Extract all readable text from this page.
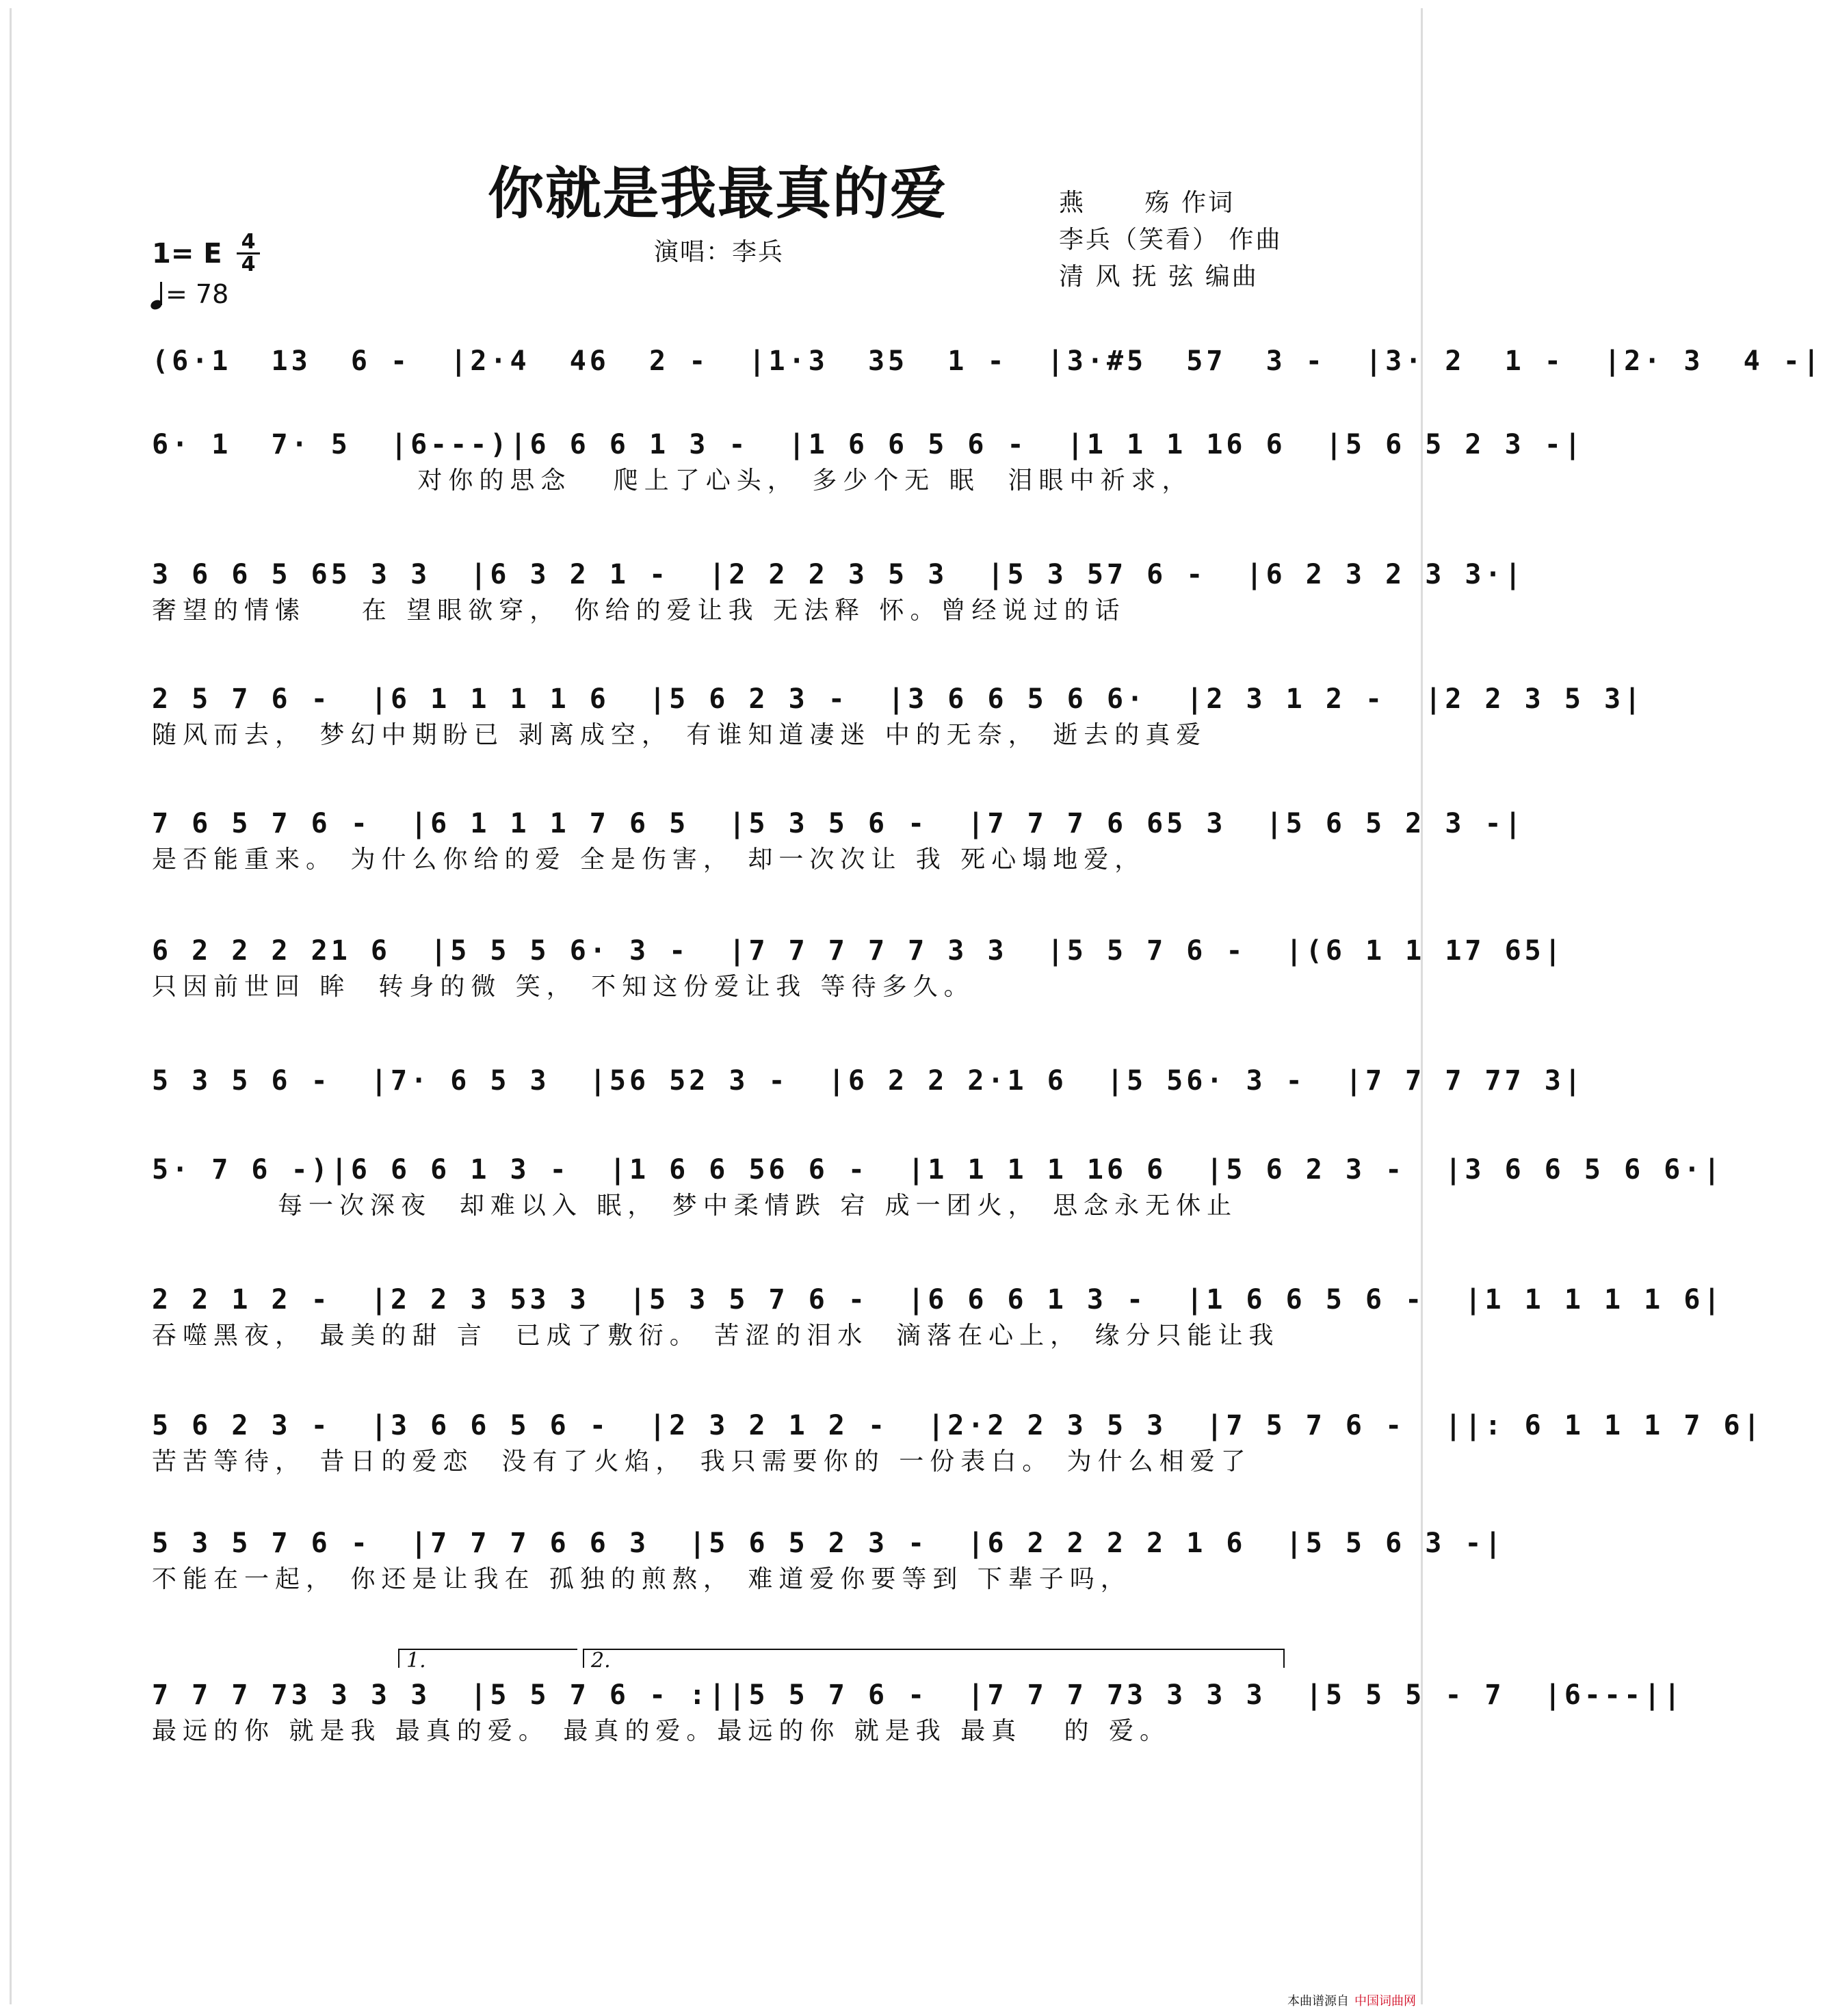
你就是我最真的爱	燕      殇 作词
李兵（笑看） 作曲
清 风 抚 弦 编曲
演唱：李兵
1= E 4
4
= 78
(6·1  13  6 -  |2·4  46  2 -  |1·3  35  1 -  |3·#5  57  3 -  |3· 2  1 -  |2· 3  4 -|
6· 1  7· 5  |6---)|6 6 6 1 3 -  |1 6 6 5 6 -  |1 1 1 16 6  |5 6 5 2 3 -|
对你的思念   爬上了心头， 多少个无 眠  泪眼中祈求，
3 6 6 5 65 3 3  |6 3 2 1 -  |2 2 2 3 5 3  |5 3 57 6 -  |6 2 3 2 3 3·|
奢望的情愫    在 望眼欲穿， 你给的爱让我 无法释 怀。曾经说过的话
2 5 7 6 -  |6 1 1 1 1 6  |5 6 2 3 -  |3 6 6 5 6 6·  |2 3 1 2 -  |2 2 3 5 3|
随风而去， 梦幻中期盼已 剥离成空， 有谁知道凄迷 中的无奈， 逝去的真爱
7 6 5 7 6 -  |6 1 1 1 7 6 5  |5 3 5 6 -  |7 7 7 6 65 3  |5 6 5 2 3 -|
是否能重来。 为什么你给的爱 全是伤害， 却一次次让 我 死心塌地爱，
6 2 2 2 21 6  |5 5 5 6· 3 -  |7 7 7 7 7 3 3  |5 5 7 6 -  |(6 1 1 17 65|
只因前世回 眸  转身的微 笑， 不知这份爱让我 等待多久。
5 3 5 6 -  |7· 6 5 3  |56 52 3 -  |6 2 2 2·1 6  |5 56· 3 -  |7 7 7 77 3|
5· 7 6 -)|6 6 6 1 3 -  |1 6 6 56 6 -  |1 1 1 1 16 6  |5 6 2 3 -  |3 6 6 5 6 6·|
每一次深夜  却难以入 眠， 梦中柔情跌 宕 成一团火， 思念永无休止
2 2 1 2 -  |2 2 3 53 3  |5 3 5 7 6 -  |6 6 6 1 3 -  |1 6 6 5 6 -  |1 1 1 1 1 6|
吞噬黑夜， 最美的甜 言  已成了敷衍。 苦涩的泪水  滴落在心上， 缘分只能让我
5 6 2 3 -  |3 6 6 5 6 -  |2 3 2 1 2 -  |2·2 2 3 5 3  |7 5 7 6 -  ||: 6 1 1 1 7 6|
苦苦等待， 昔日的爱恋  没有了火焰， 我只需要你的 一份表白。 为什么相爱了
5 3 5 7 6 -  |7 7 7 6 6 3  |5 6 5 2 3 -  |6 2 2 2 2 1 6  |5 5 6 3 -|
不能在一起， 你还是让我在 孤独的煎熬， 难道爱你要等到 下辈子吗，
1.	2.
7 7 7 73 3 3 3  |5 5 7 6 - :||5 5 7 6 -  |7 7 7 73 3 3 3  |5 5 5 - 7  |6---||
最远的你 就是我 最真的爱。 最真的爱。最远的你 就是我 最真   的 爱。
本曲谱源自 中国词曲网
